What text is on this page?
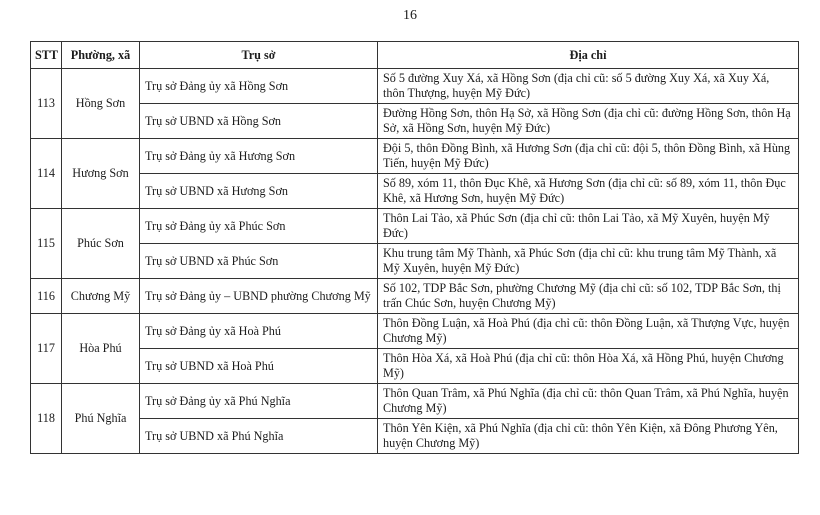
16
STT	Phường, xã	Trụ sở	Địa chỉ
113	Hồng Sơn	Trụ sở Đảng ủy xã Hồng Sơn	Số 5 đường Xuy Xá, xã Hồng Sơn (địa chỉ cũ: số 5 đường Xuy Xá, xã Xuy Xá, thôn Thượng, huyện Mỹ Đức)
		Trụ sở UBND xã Hồng Sơn	Đường Hồng Sơn, thôn Hạ Sở, xã Hồng Sơn (địa chỉ cũ: đường Hồng Sơn, thôn Hạ Sở, xã Hồng Sơn, huyện Mỹ Đức)
114	Hương Sơn	Trụ sở Đảng ủy xã Hương Sơn	Đội 5, thôn Đồng Bình, xã Hương Sơn (địa chỉ cũ: đội 5, thôn Đồng Bình, xã Hùng Tiến, huyện Mỹ Đức)
		Trụ sở UBND xã Hương Sơn	Số 89, xóm 11, thôn Đục Khê, xã Hương Sơn (địa chỉ cũ: số 89, xóm 11, thôn Đục Khê, xã Hương Sơn, huyện Mỹ Đức)
115	Phúc Sơn	Trụ sở Đảng ủy xã Phúc Sơn	Thôn Lai Tảo, xã Phúc Sơn (địa chỉ cũ: thôn Lai Tảo, xã Mỹ Xuyên, huyện Mỹ Đức)
		Trụ sở UBND xã Phúc Sơn	Khu trung tâm Mỹ Thành, xã Phúc Sơn (địa chỉ cũ: khu trung tâm Mỹ Thành, xã Mỹ Xuyên, huyện Mỹ Đức)
116	Chương Mỹ	Trụ sở Đảng ủy – UBND phường Chương Mỹ	Số 102, TDP Bắc Sơn, phường Chương Mỹ (địa chỉ cũ: số 102, TDP Bắc Sơn, thị trấn Chúc Sơn, huyện Chương Mỹ)
117	Hòa Phú	Trụ sở Đảng ủy xã Hoà Phú	Thôn Đồng Luận, xã Hoà Phú (địa chỉ cũ: thôn Đồng Luận, xã Thượng Vực, huyện Chương Mỹ)
		Trụ sở UBND xã Hoà Phú	Thôn Hòa Xá, xã Hoà Phú (địa chỉ cũ: thôn Hòa Xá, xã Hồng Phú, huyện Chương Mỹ)
118	Phú Nghĩa	Trụ sở Đảng ủy xã Phú Nghĩa	Thôn Quan Trâm, xã Phú Nghĩa (địa chỉ cũ: thôn Quan Trâm, xã Phú Nghĩa, huyện Chương Mỹ)
		Trụ sở UBND xã Phú Nghĩa	Thôn Yên Kiện, xã Phú Nghĩa (địa chỉ cũ: thôn Yên Kiện, xã Đông Phương Yên, huyện Chương Mỹ)
